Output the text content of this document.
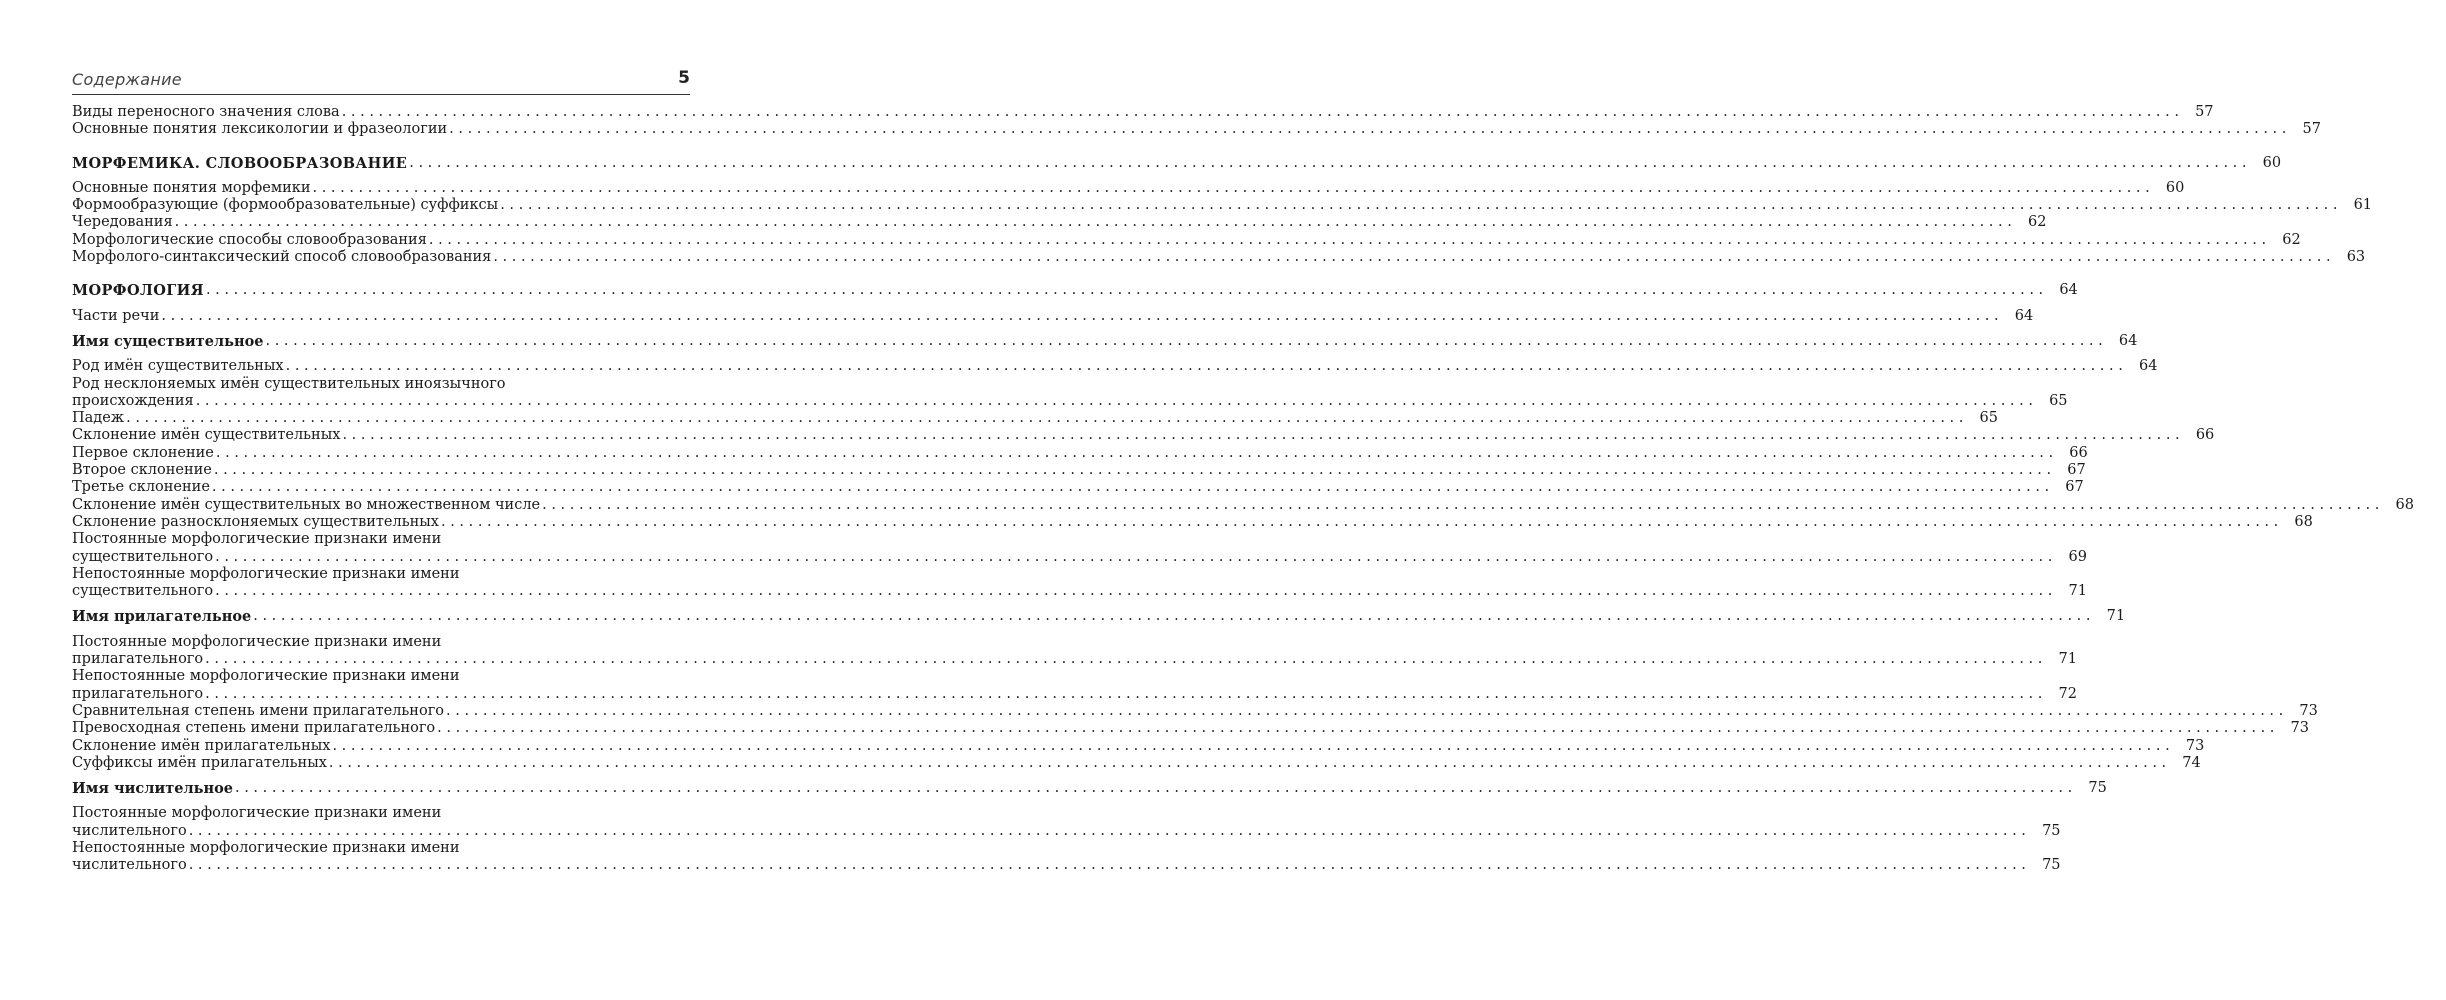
Содержание	5
Виды переносного значения слова ........................................................................................................................................................................................................ 57
Основные понятия лексикологии и фразеологии ........................................................................................................................................................................................................ 57
МОРФЕМИКА. СЛОВООБРАЗОВАНИЕ ........................................................................................................................................................................................................ 60
Основные понятия морфемики ........................................................................................................................................................................................................ 60
Формообразующие (формообразовательные) суффиксы ........................................................................................................................................................................................................ 61
Чередования ........................................................................................................................................................................................................ 62
Морфологические способы словообразования ........................................................................................................................................................................................................ 62
Морфолого-синтаксический способ словообразования ........................................................................................................................................................................................................ 63
МОРФОЛОГИЯ ........................................................................................................................................................................................................ 64
Части речи ........................................................................................................................................................................................................ 64
Имя существительное ........................................................................................................................................................................................................ 64
Род имён существительных ........................................................................................................................................................................................................ 64
Род несклоняемых имён существительных иноязычного
происхождения ........................................................................................................................................................................................................ 65
Падеж ........................................................................................................................................................................................................ 65
Склонение имён существительных ........................................................................................................................................................................................................ 66
Первое склонение ........................................................................................................................................................................................................ 66
Второе склонение ........................................................................................................................................................................................................ 67
Третье склонение ........................................................................................................................................................................................................ 67
Склонение имён существительных во множественном числе ........................................................................................................................................................................................................ 68
Склонение разносклоняемых существительных ........................................................................................................................................................................................................ 68
Постоянные морфологические признаки имени
существительного ........................................................................................................................................................................................................ 69
Непостоянные морфологические признаки имени
существительного ........................................................................................................................................................................................................ 71
Имя прилагательное ........................................................................................................................................................................................................ 71
Постоянные морфологические признаки имени
прилагательного ........................................................................................................................................................................................................ 71
Непостоянные морфологические признаки имени
прилагательного ........................................................................................................................................................................................................ 72
Сравнительная степень имени прилагательного ........................................................................................................................................................................................................ 73
Превосходная степень имени прилагательного ........................................................................................................................................................................................................ 73
Склонение имён прилагательных ........................................................................................................................................................................................................ 73
Суффиксы имён прилагательных ........................................................................................................................................................................................................ 74
Имя числительное ........................................................................................................................................................................................................ 75
Постоянные морфологические признаки имени
числительного ........................................................................................................................................................................................................ 75
Непостоянные морфологические признаки имени
числительного ........................................................................................................................................................................................................ 75
